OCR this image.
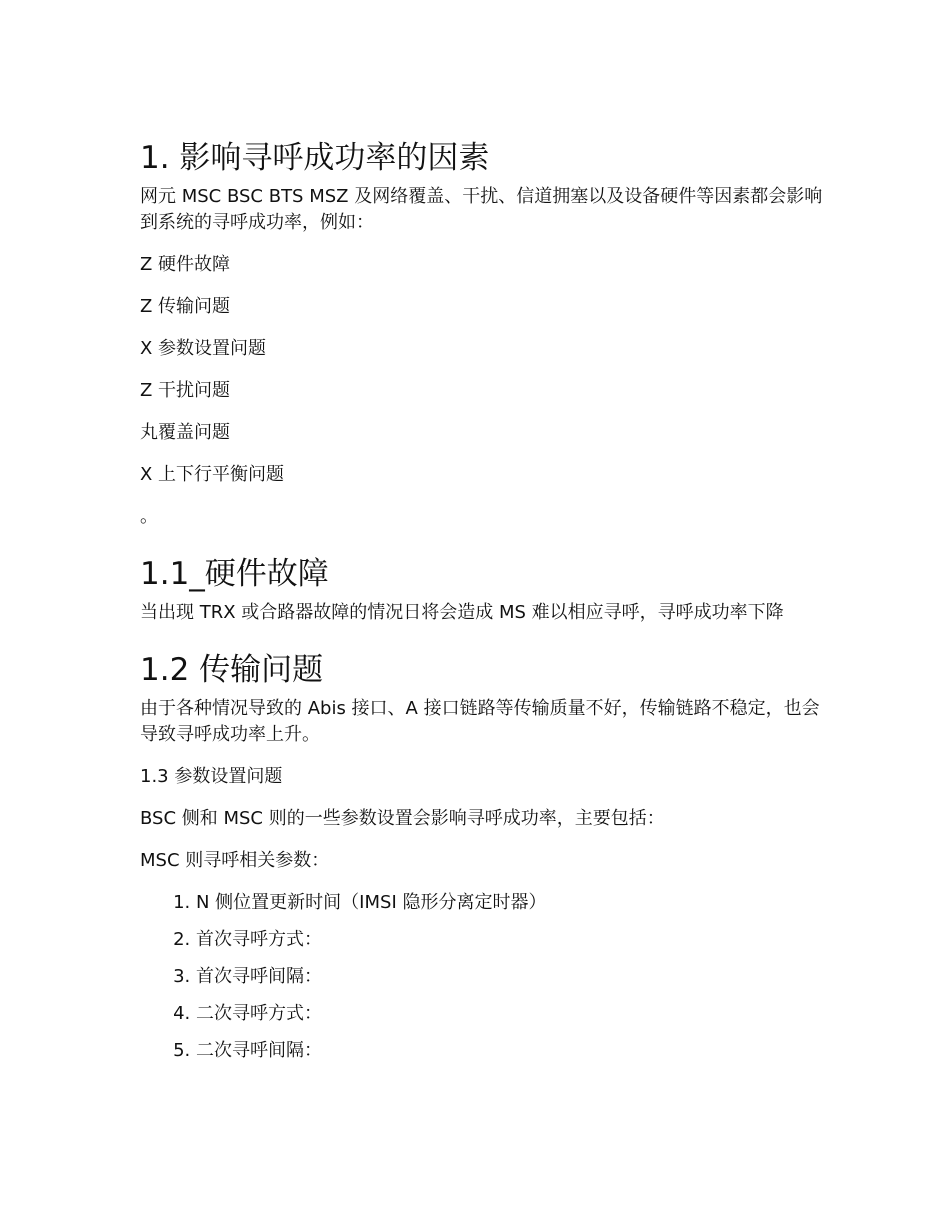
1. 影响寻呼成功率的因素

网元 MSC BSC BTS MSZ 及网络覆盖、干扰、信道拥塞以及设备硬件等因素都会影响到系统的寻呼成功率，例如：

Z 硬件故障

Z 传输问题

X 参数设置问题

Z 干扰问题

丸覆盖问题

X 上下行平衡问题

。

1.1_硬件故障

当出现 TRX 或合路器故障的情况日将会造成 MS 难以相应寻呼，寻呼成功率下降

1.2 传输问题

由于各种情况导致的 Abis 接口、A 接口链路等传输质量不好，传输链路不稳定，也会导致寻呼成功率上升。

1.3 参数设置问题

BSC 侧和 MSC 则的一些参数设置会影响寻呼成功率，主要包括：

MSC 则寻呼相关参数：

1. N 侧位置更新时间（IMSI 隐形分离定时器）
2. 首次寻呼方式：
3. 首次寻呼间隔：
4. 二次寻呼方式：
5. 二次寻呼间隔：
